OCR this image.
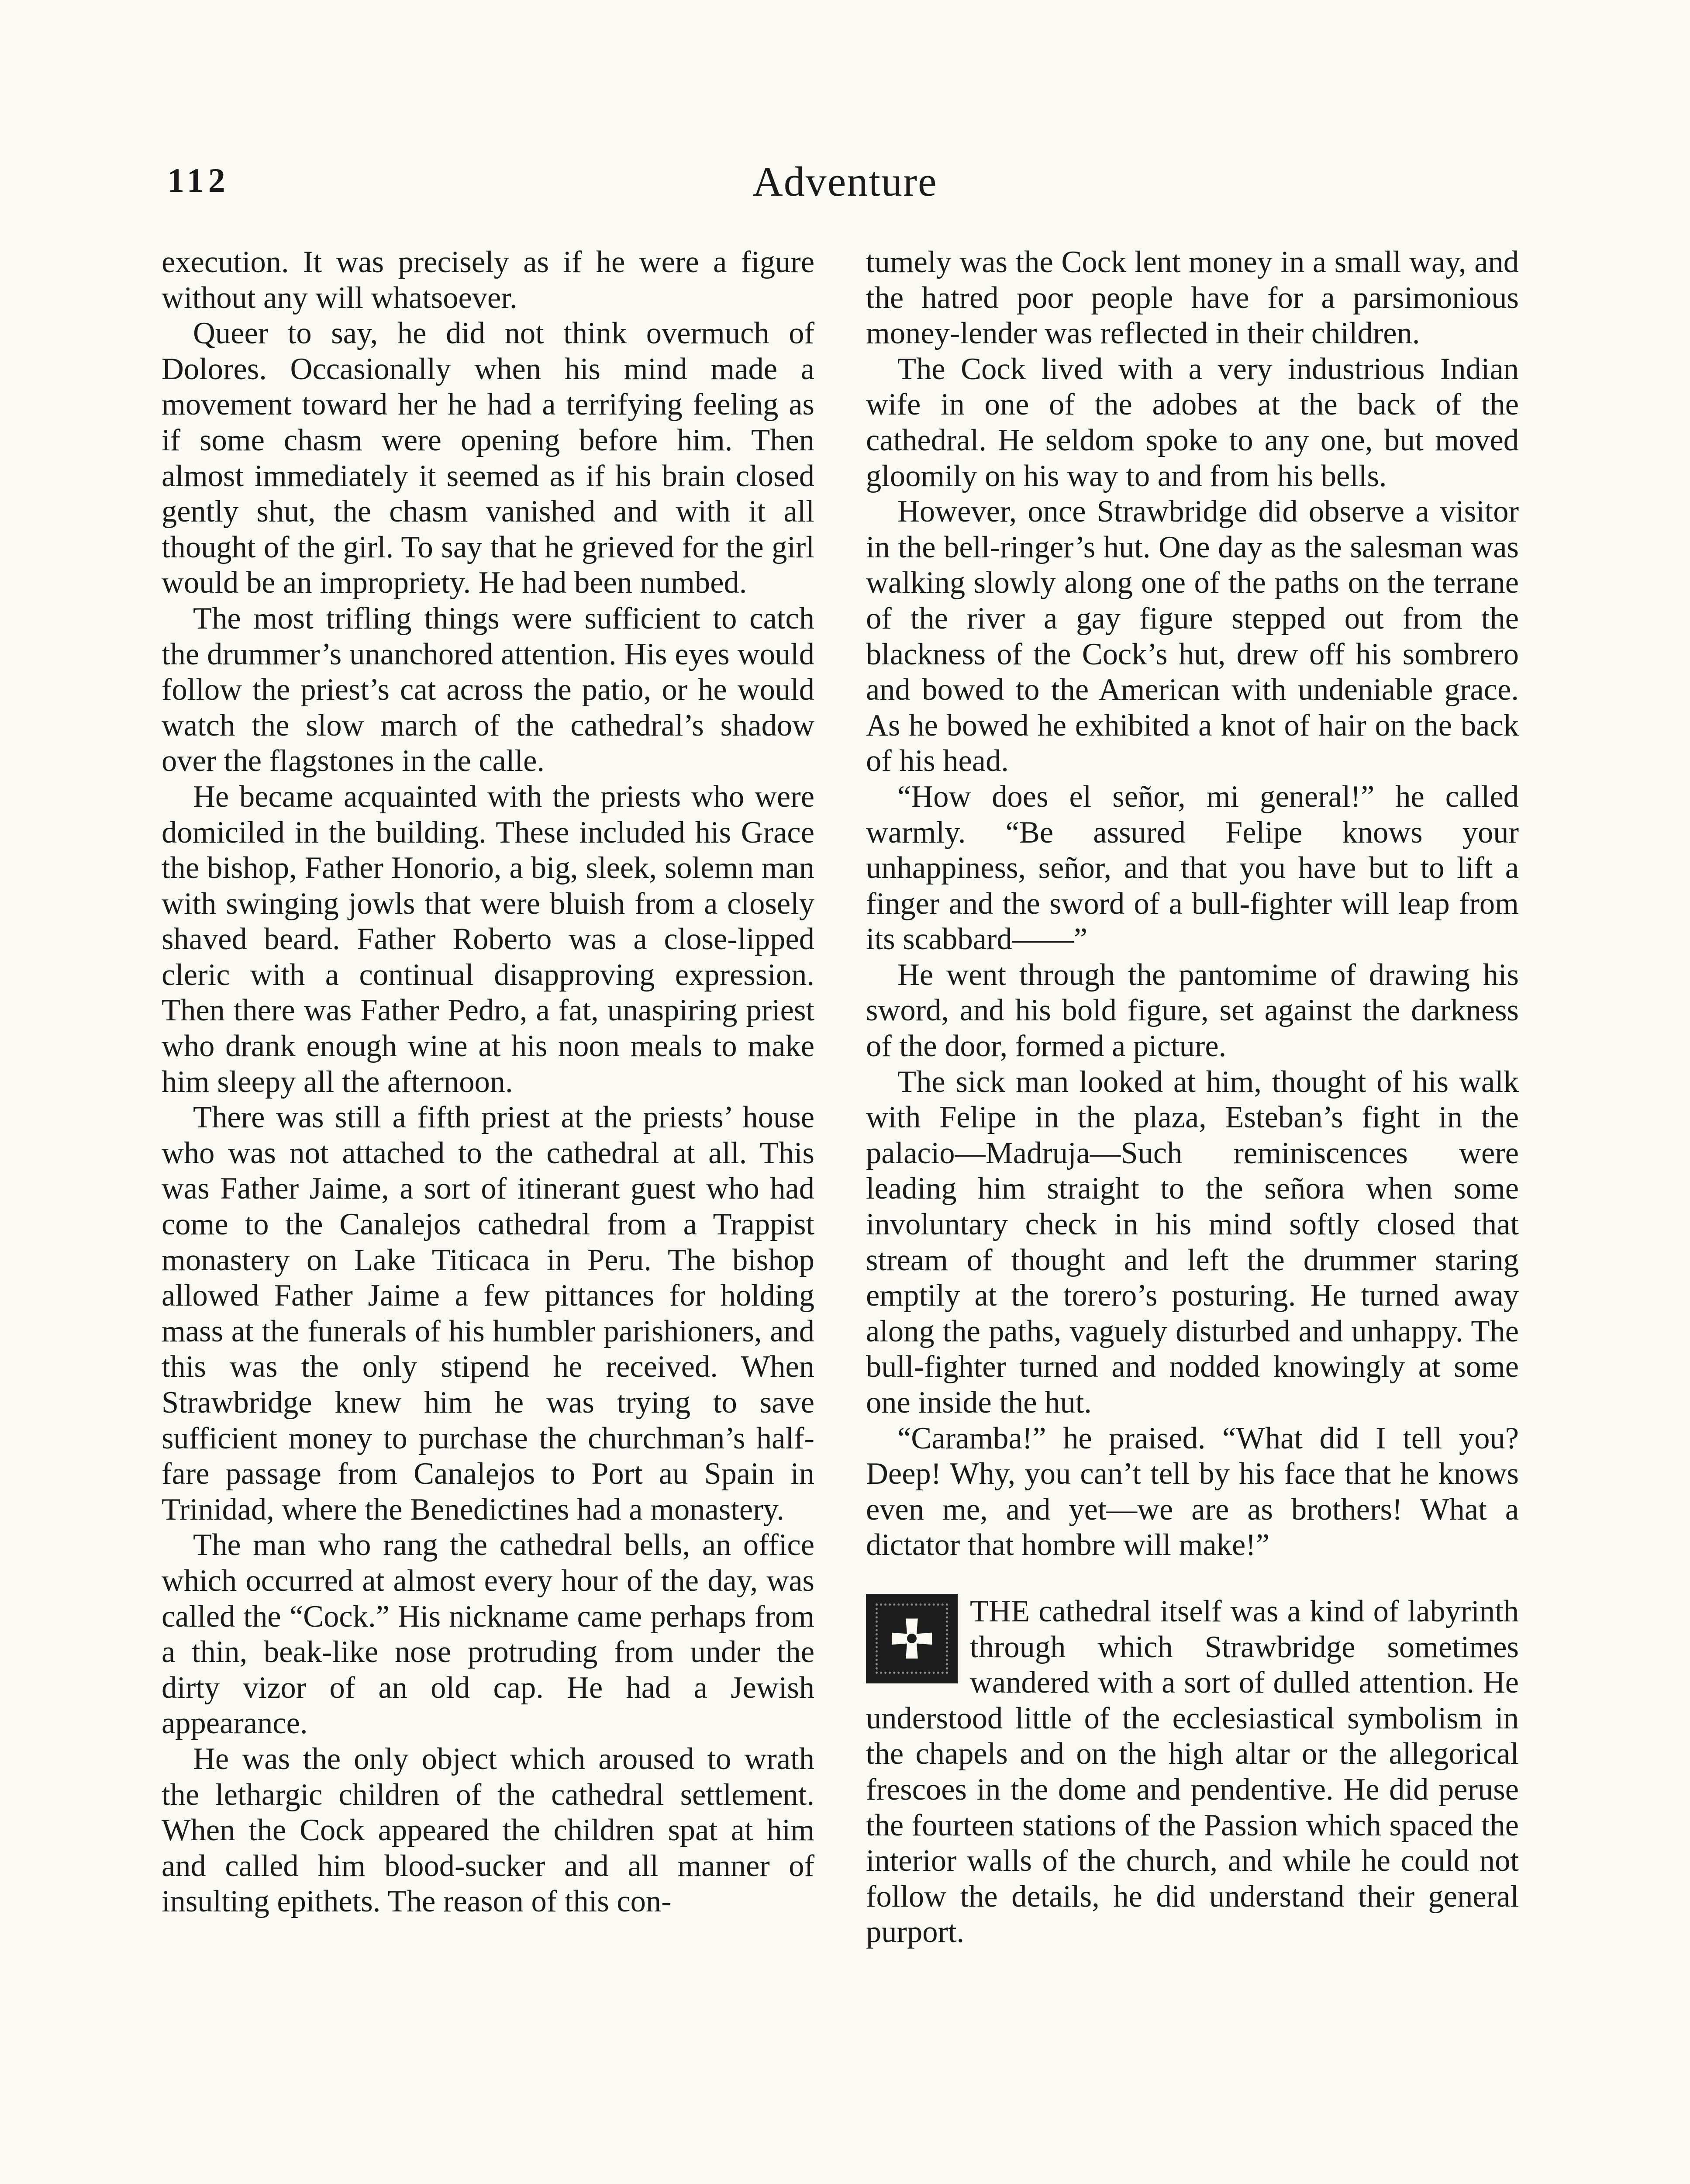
112	Adventure

execution. It was precisely as if he were a figure without any will whatsoever.

Queer to say, he did not think overmuch of Dolores. Occasionally when his mind made a movement toward her he had a terrifying feeling as if some chasm were opening before him. Then almost immediately it seemed as if his brain closed gently shut, the chasm vanished and with it all thought of the girl. To say that he grieved for the girl would be an impropriety. He had been numbed.

The most trifling things were sufficient to catch the drummer’s unanchored attention. His eyes would follow the priest’s cat across the patio, or he would watch the slow march of the cathedral’s shadow over the flagstones in the calle.

He became acquainted with the priests who were domiciled in the building. These included his Grace the bishop, Father Honorio, a big, sleek, solemn man with swinging jowls that were bluish from a closely shaved beard. Father Roberto was a close-lipped cleric with a continual disapproving expression. Then there was Father Pedro, a fat, unaspiring priest who drank enough wine at his noon meals to make him sleepy all the afternoon.

There was still a fifth priest at the priests’ house who was not attached to the cathedral at all. This was Father Jaime, a sort of itinerant guest who had come to the Canalejos cathedral from a Trappist monastery on Lake Titicaca in Peru. The bishop allowed Father Jaime a few pittances for holding mass at the funerals of his humbler parishioners, and this was the only stipend he received. When Strawbridge knew him he was trying to save sufficient money to purchase the churchman’s half-fare passage from Canalejos to Port au Spain in Trinidad, where the Benedictines had a monastery.

The man who rang the cathedral bells, an office which occurred at almost every hour of the day, was called the “Cock.” His nickname came perhaps from a thin, beak-like nose protruding from under the dirty vizor of an old cap. He had a Jewish appearance.

He was the only object which aroused to wrath the lethargic children of the cathedral settlement. When the Cock appeared the children spat at him and called him blood-sucker and all manner of insulting epithets. The reason of this con-

tumely was the Cock lent money in a small way, and the hatred poor people have for a parsimonious money-lender was reflected in their children.

The Cock lived with a very industrious Indian wife in one of the adobes at the back of the cathedral. He seldom spoke to any one, but moved gloomily on his way to and from his bells.

However, once Strawbridge did observe a visitor in the bell-ringer’s hut. One day as the salesman was walking slowly along one of the paths on the terrane of the river a gay figure stepped out from the blackness of the Cock’s hut, drew off his sombrero and bowed to the American with undeniable grace. As he bowed he exhibited a knot of hair on the back of his head.

“How does el señor, mi general!” he called warmly. “Be assured Felipe knows your unhappiness, señor, and that you have but to lift a finger and the sword of a bull-fighter will leap from its scabbard——”

He went through the pantomime of drawing his sword, and his bold figure, set against the darkness of the door, formed a picture.

The sick man looked at him, thought of his walk with Felipe in the plaza, Esteban’s fight in the palacio—Madruja—Such reminiscences were leading him straight to the señora when some involuntary check in his mind softly closed that stream of thought and left the drummer staring emptily at the torero’s posturing. He turned away along the paths, vaguely disturbed and unhappy. The bull-fighter turned and nodded knowingly at some one inside the hut.

“Caramba!” he praised. “What did I tell you? Deep! Why, you can’t tell by his face that he knows even me, and yet—we are as brothers! What a dictator that hombre will make!”

THE cathedral itself was a kind of labyrinth through which Strawbridge sometimes wandered with a sort of dulled attention. He understood little of the ecclesiastical symbolism in the chapels and on the high altar or the allegorical frescoes in the dome and pendentive. He did peruse the fourteen stations of the Passion which spaced the interior walls of the church, and while he could not follow the details, he did understand their general purport.
